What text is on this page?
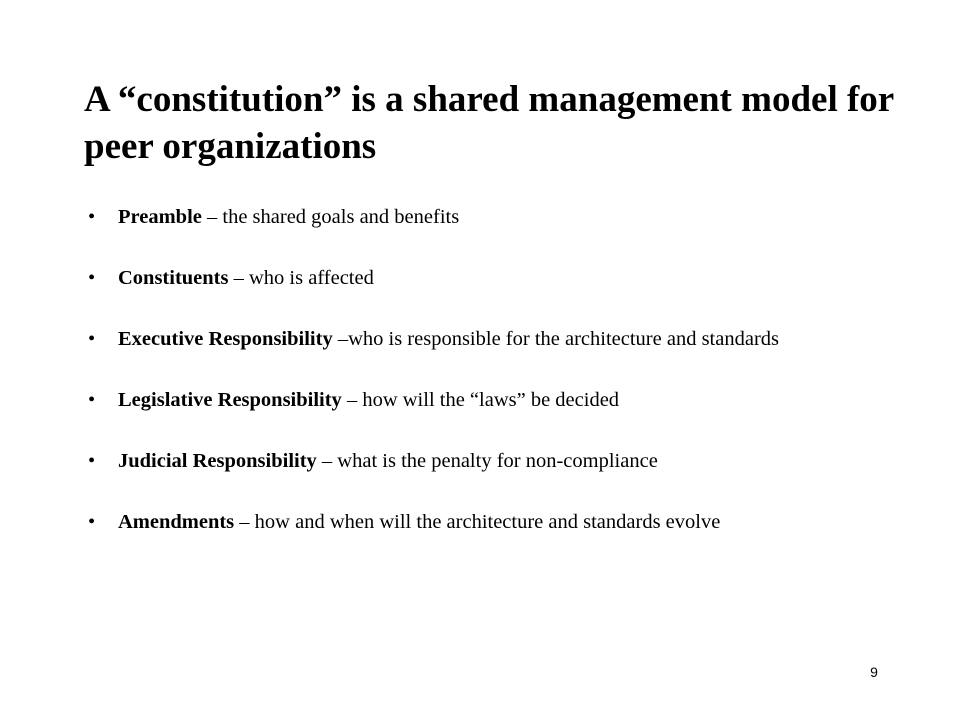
A “constitution” is a shared management model for peer organizations
• Preamble – the shared goals and benefits
• Constituents – who is affected
• Executive Responsibility –who is responsible for the architecture and standards
• Legislative Responsibility – how will the “laws” be decided
• Judicial Responsibility – what is the penalty for non-compliance
• Amendments – how and when will the architecture and standards evolve
9
